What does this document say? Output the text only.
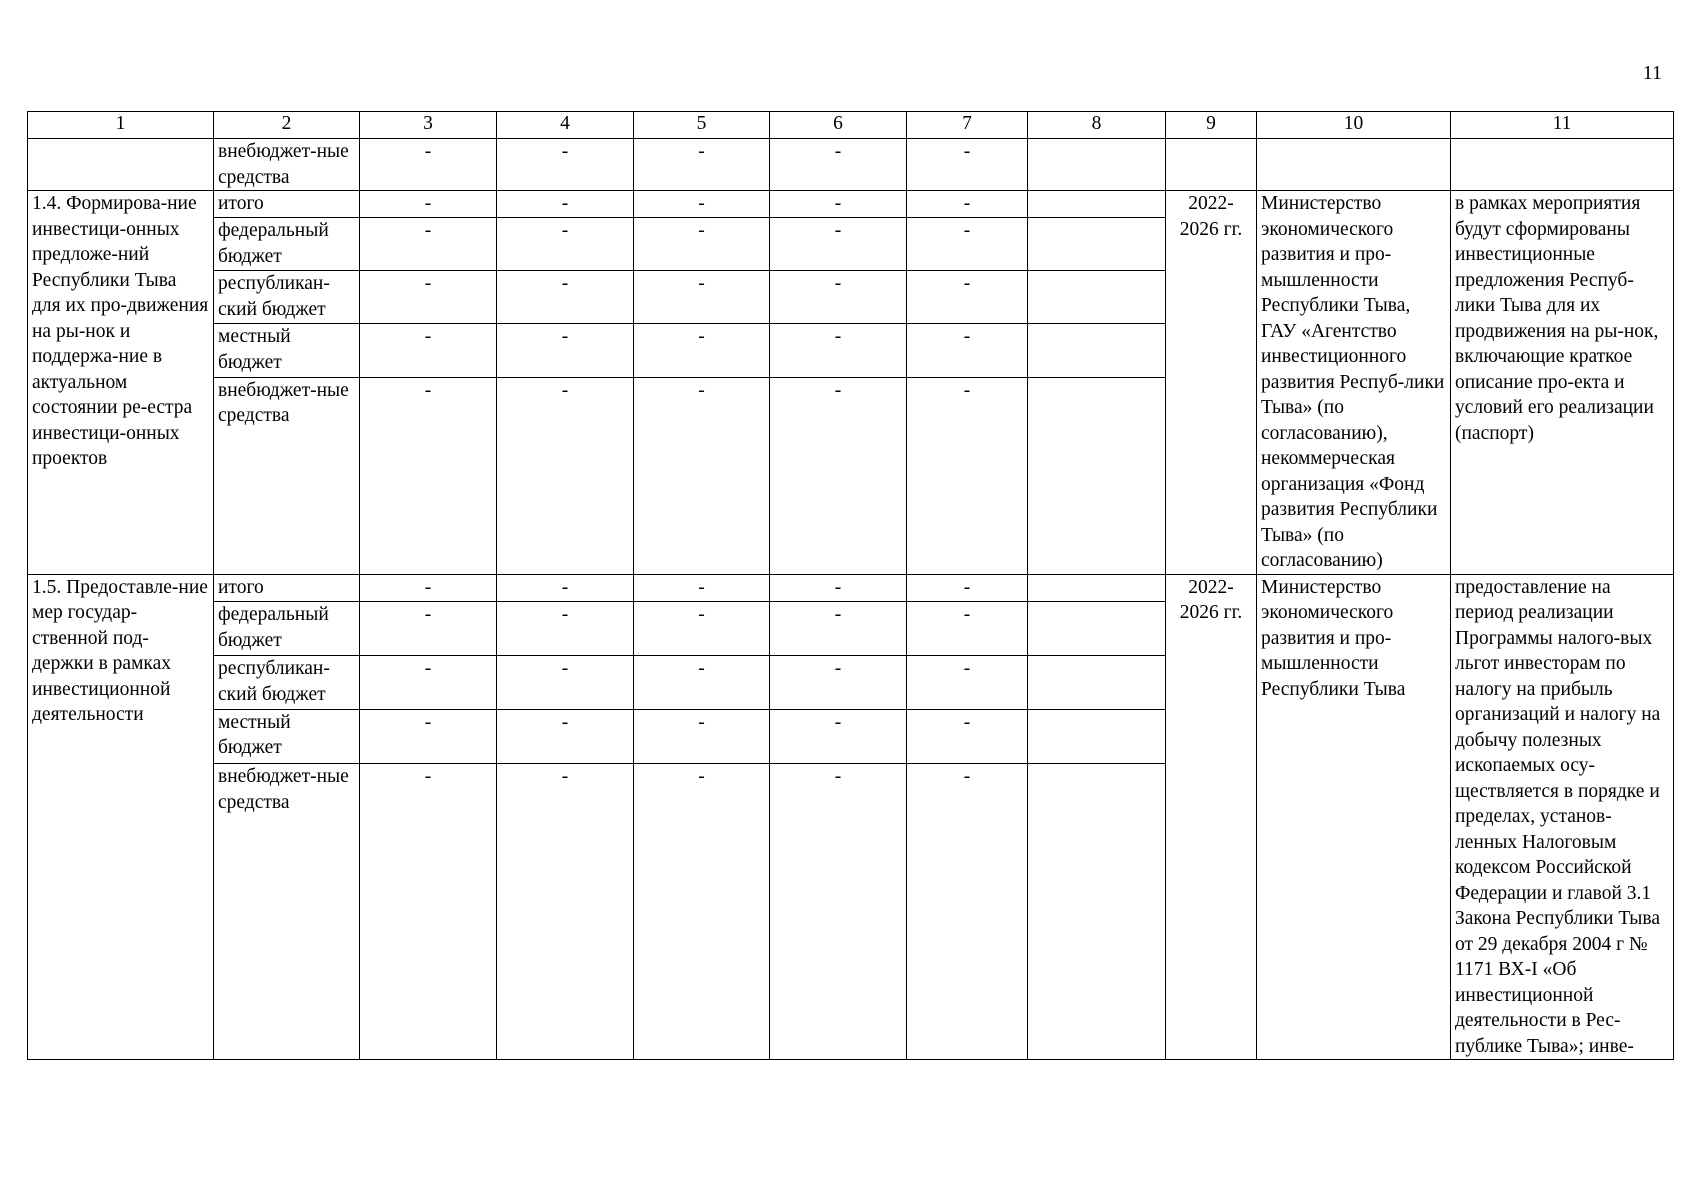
11
1	2	3	4	5	6	7	8	9	10	11
	внебюджет-ные средства	-	-	-	-	-				
1.4. Формирова-ние инвестици-онных предложе-ний Республики Тыва для их про-движения на ры-нок и поддержа-ние в актуальном состоянии ре-естра инвестици-онных проектов	итого	-	-	-	-	-		2022-2026 гг.	Министерство экономического развития и про-мышленности Республики Тыва, ГАУ «Агентство инвестиционного развития Респуб-лики Тыва» (по согласованию), некоммерческая организация «Фонд развития Республики Тыва» (по согласованию)	в рамках мероприятия будут сформированы инвестиционные предложения Респуб-лики Тыва для их продвижения на ры-нок, включающие краткое описание про-екта и условий его реализации (паспорт)
	федеральный бюджет	-	-	-	-	-				
	республикан-ский бюджет	-	-	-	-	-				
	местный бюджет	-	-	-	-	-				
	внебюджет-ные средства	-	-	-	-	-				
1.5. Предоставле-ние мер государ-ственной под-держки в рамках инвестиционной деятельности	итого	-	-	-	-	-		2022-2026 гг.	Министерство экономического развития и про-мышленности Республики Тыва	предоставление на период реализации Программы налого-вых льгот инвесторам по налогу на прибыль организаций и налогу на добычу полезных ископаемых осу-ществляется в порядке и пределах, установ-ленных Налоговым кодексом Российской Федерации и главой 3.1 Закона Республики Тыва от 29 декабря 2004 г № 1171 ВХ-I «Об инвестиционной деятельности в Рес-публике Тыва»; инве-
	федеральный бюджет	-	-	-	-	-				
	республикан-ский бюджет	-	-	-	-	-				
	местный бюджет	-	-	-	-	-				
	внебюджет-ные средства	-	-	-	-	-				
